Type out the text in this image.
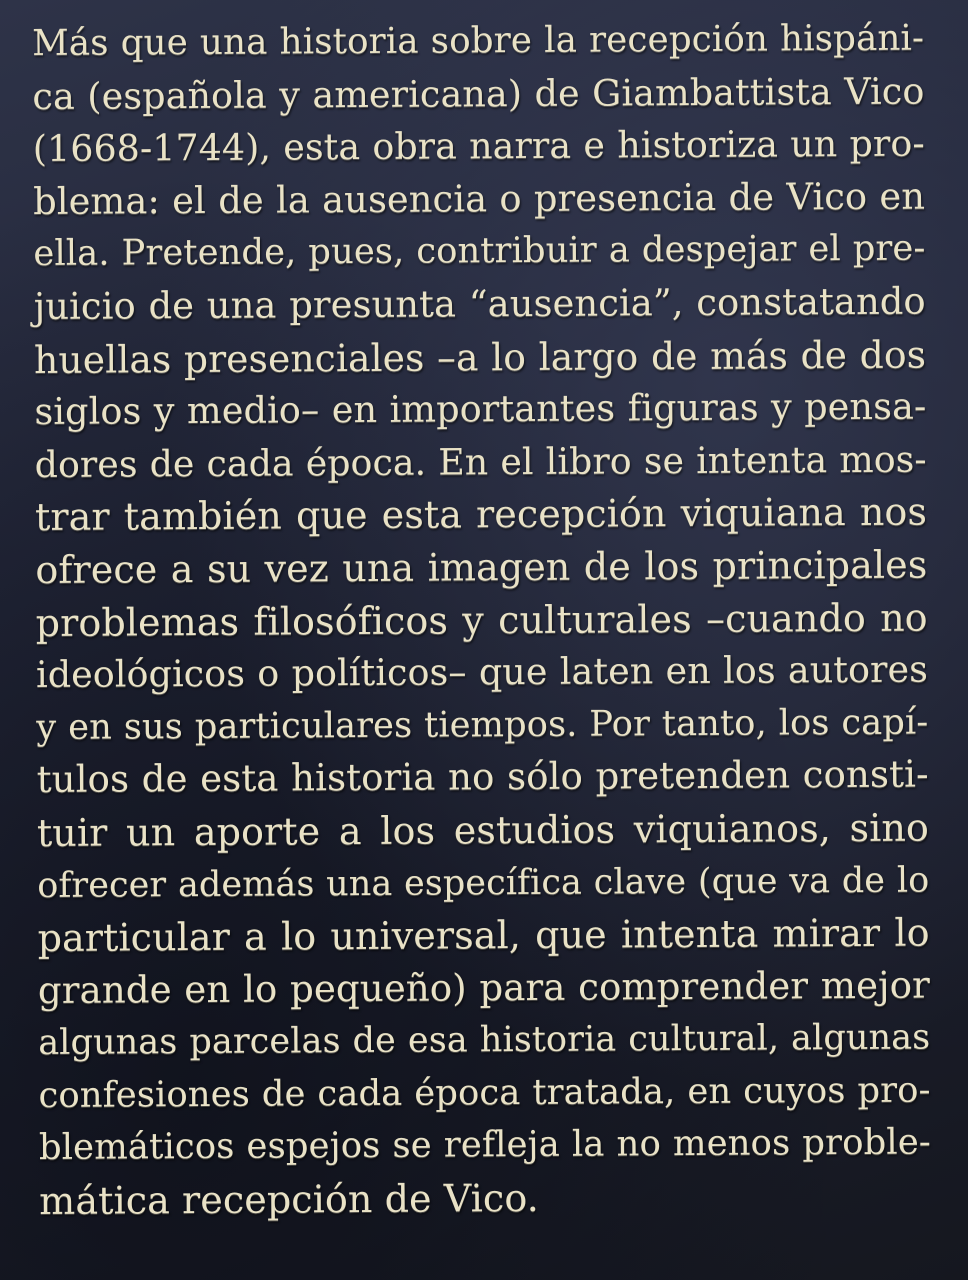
Más que una historia sobre la recepción hispáni-
ca (española y americana) de Giambattista Vico
(1668-1744), esta obra narra e historiza un pro-
blema: el de la ausencia o presencia de Vico en
ella. Pretende, pues, contribuir a despejar el pre-
juicio de una presunta “ausencia”, constatando
huellas presenciales –a lo largo de más de dos
siglos y medio– en importantes figuras y pensa-
dores de cada época. En el libro se intenta mos-
trar también que esta recepción viquiana nos
ofrece a su vez una imagen de los principales
problemas filosóficos y culturales –cuando no
ideológicos o políticos– que laten en los autores
y en sus particulares tiempos. Por tanto, los capí-
tulos de esta historia no sólo pretenden consti-
tuir un aporte a los estudios viquianos, sino
ofrecer además una específica clave (que va de lo
particular a lo universal, que intenta mirar lo
grande en lo pequeño) para comprender mejor
algunas parcelas de esa historia cultural, algunas
confesiones de cada época tratada, en cuyos pro-
blemáticos espejos se refleja la no menos proble-
mática recepción de Vico.
